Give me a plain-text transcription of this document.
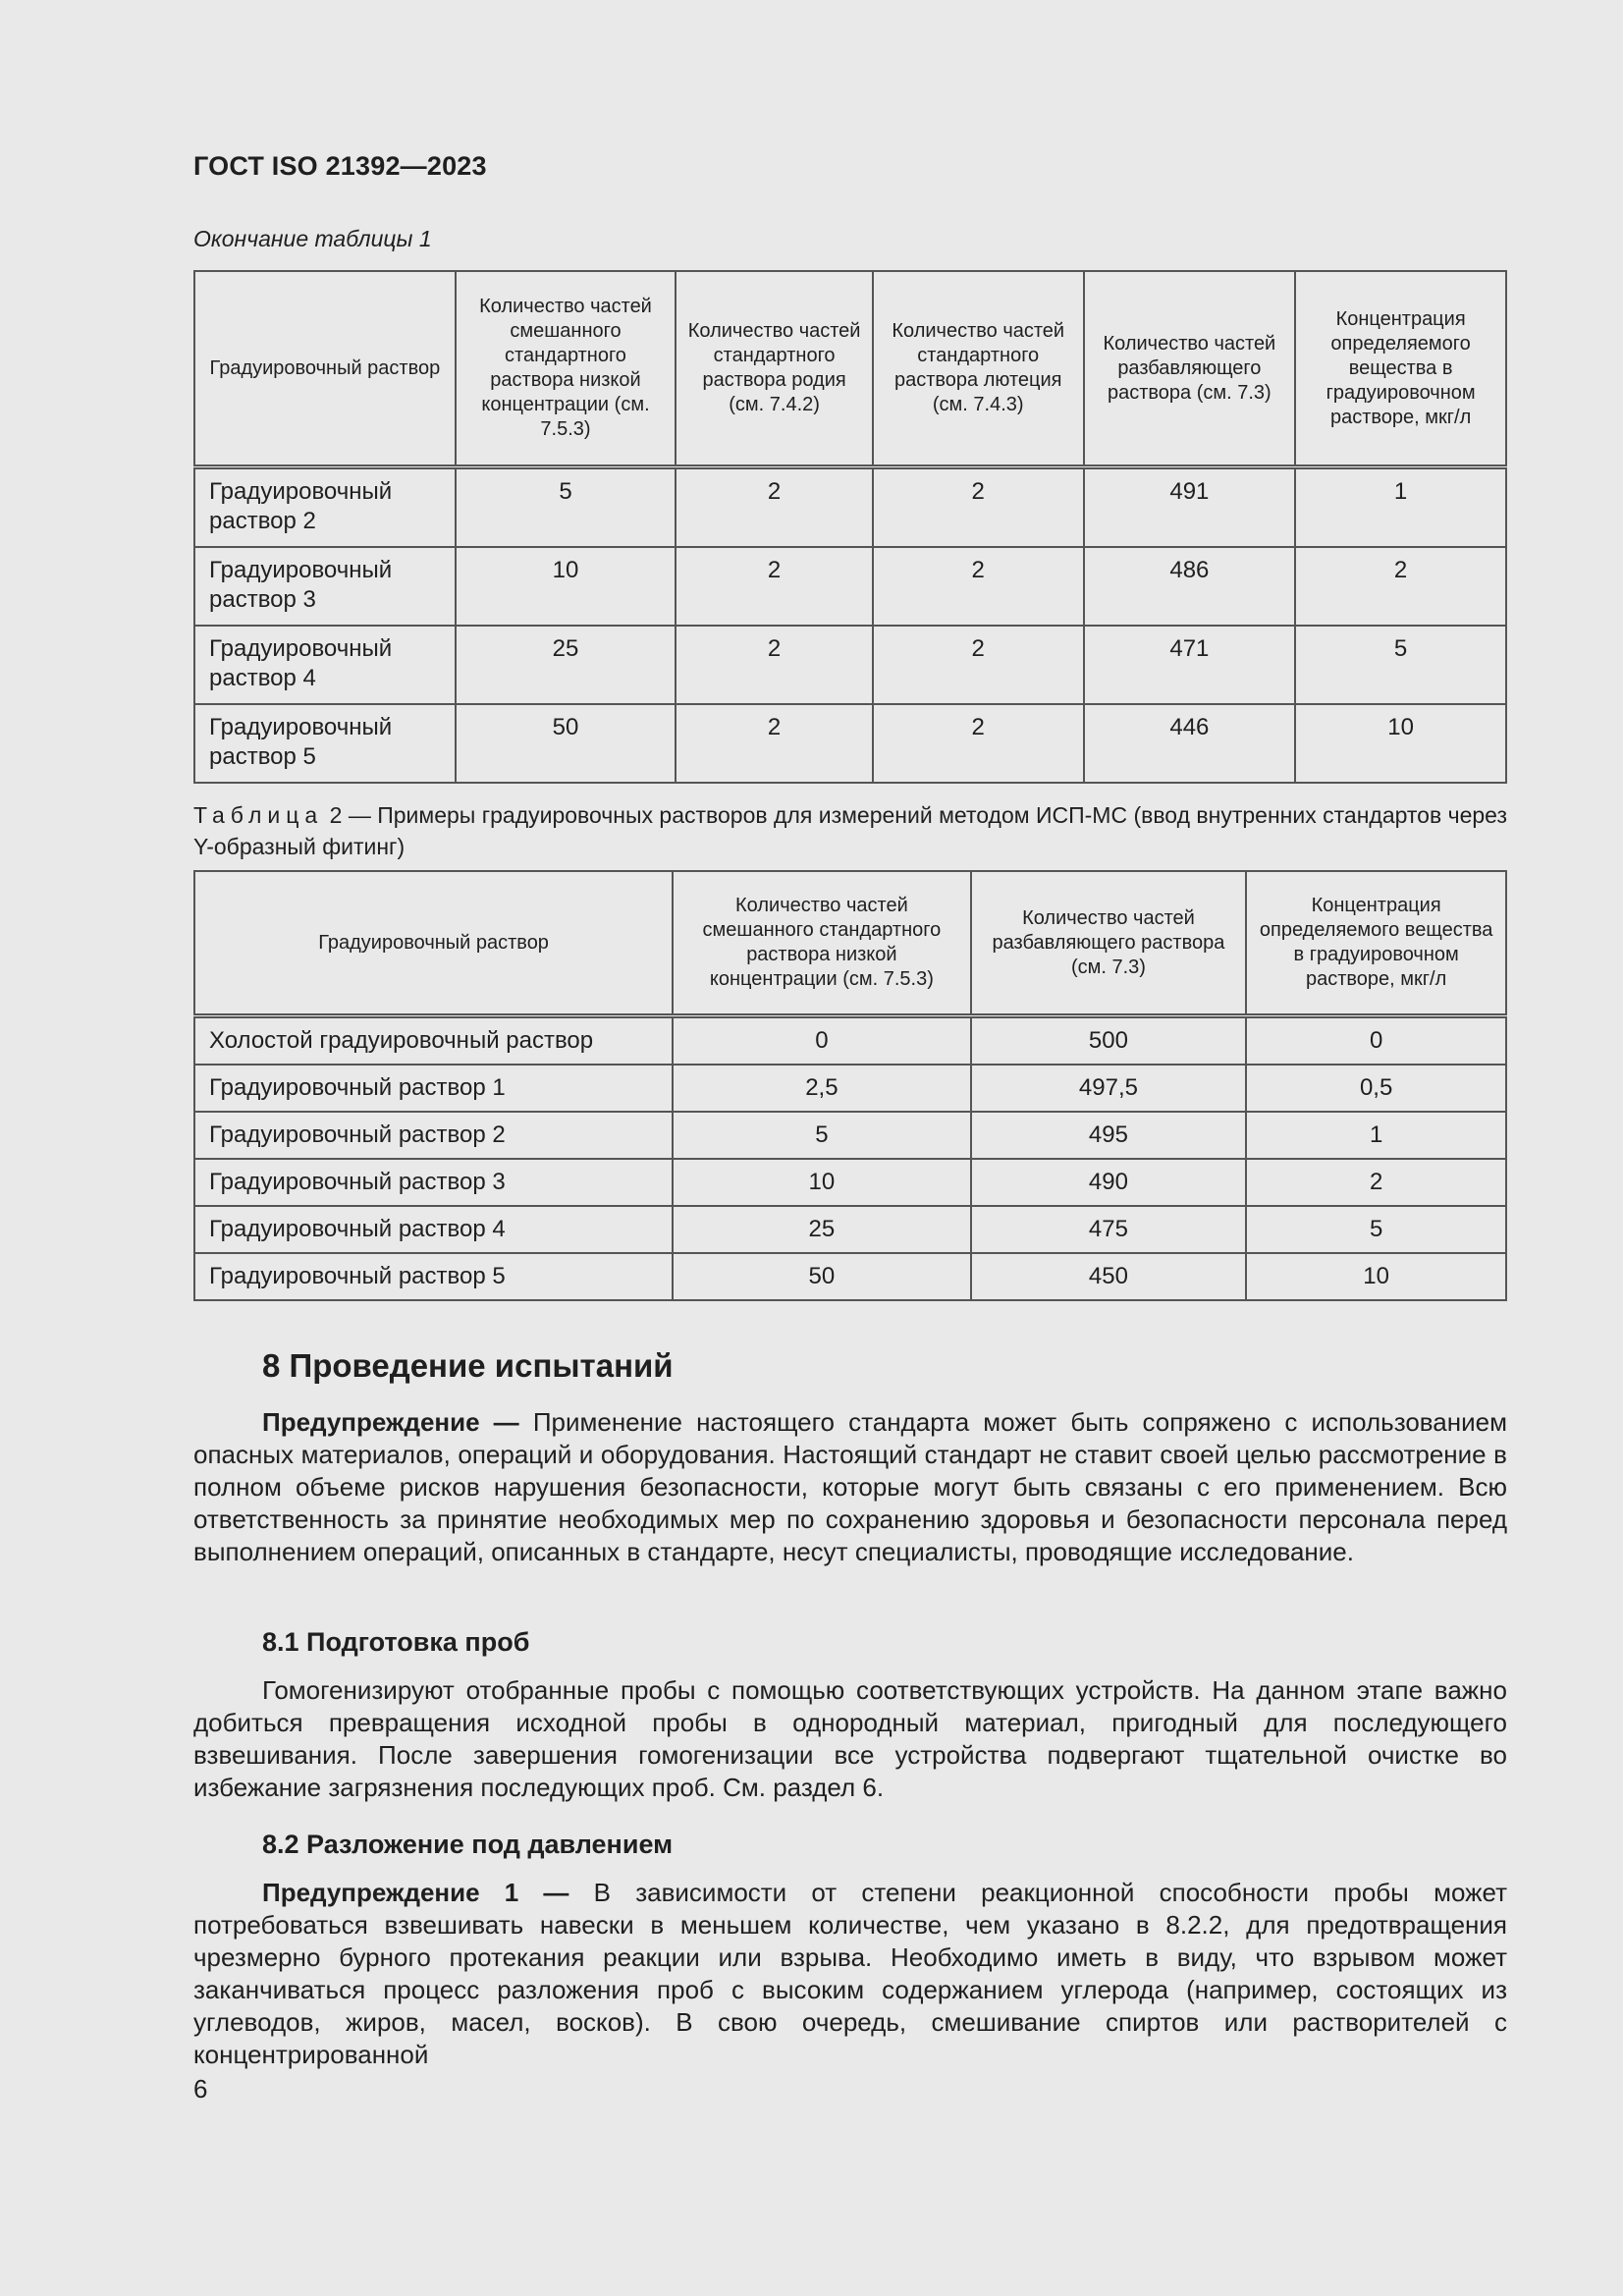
ГОСТ ISO 21392—2023
Окончание таблицы 1
Градуировочный раствор	Количество частей смешанного стандартного раствора низкой концентрации (см. 7.5.3)	Количество частей стандартного раствора родия (см. 7.4.2)	Количество частей стандартного раствора лютеция (см. 7.4.3)	Количество частей разбавляющего раствора (см. 7.3)	Концентрация определяемого вещества в градуировочном растворе, мкг/л
Градуировочный раствор 2	5	2	2	491	1
Градуировочный раствор 3	10	2	2	486	2
Градуировочный раствор 4	25	2	2	471	5
Градуировочный раствор 5	50	2	2	446	10
Таблица 2 — Примеры градуировочных растворов для измерений методом ИСП-МС (ввод внутренних стандартов через Y-образный фитинг)
Градуировочный раствор	Количество частей смешанного стандартного раствора низкой концентрации (см. 7.5.3)	Количество частей разбавляющего раствора (см. 7.3)	Концентрация определяемого вещества в градуировочном растворе, мкг/л
Холостой градуировочный раствор	0	500	0
Градуировочный раствор 1	2,5	497,5	0,5
Градуировочный раствор 2	5	495	1
Градуировочный раствор 3	10	490	2
Градуировочный раствор 4	25	475	5
Градуировочный раствор 5	50	450	10
8 Проведение испытаний
Предупреждение — Применение настоящего стандарта может быть сопряжено с использованием опасных материалов, операций и оборудования. Настоящий стандарт не ставит своей целью рассмотрение в полном объеме рисков нарушения безопасности, которые могут быть связаны с его применением. Всю ответственность за принятие необходимых мер по сохранению здоровья и безопасности персонала перед выполнением операций, описанных в стандарте, несут специалисты, проводящие исследование.
8.1 Подготовка проб
Гомогенизируют отобранные пробы с помощью соответствующих устройств. На данном этапе важно добиться превращения исходной пробы в однородный материал, пригодный для последующего взвешивания. После завершения гомогенизации все устройства подвергают тщательной очистке во избежание загрязнения последующих проб. См. раздел 6.
8.2 Разложение под давлением
Предупреждение 1 — В зависимости от степени реакционной способности пробы может потребоваться взвешивать навески в меньшем количестве, чем указано в 8.2.2, для предотвращения чрезмерно бурного протекания реакции или взрыва. Необходимо иметь в виду, что взрывом может заканчиваться процесс разложения проб с высоким содержанием углерода (например, состоящих из углеводов, жиров, масел, восков). В свою очередь, смешивание спиртов или растворителей с концентрированной
6
